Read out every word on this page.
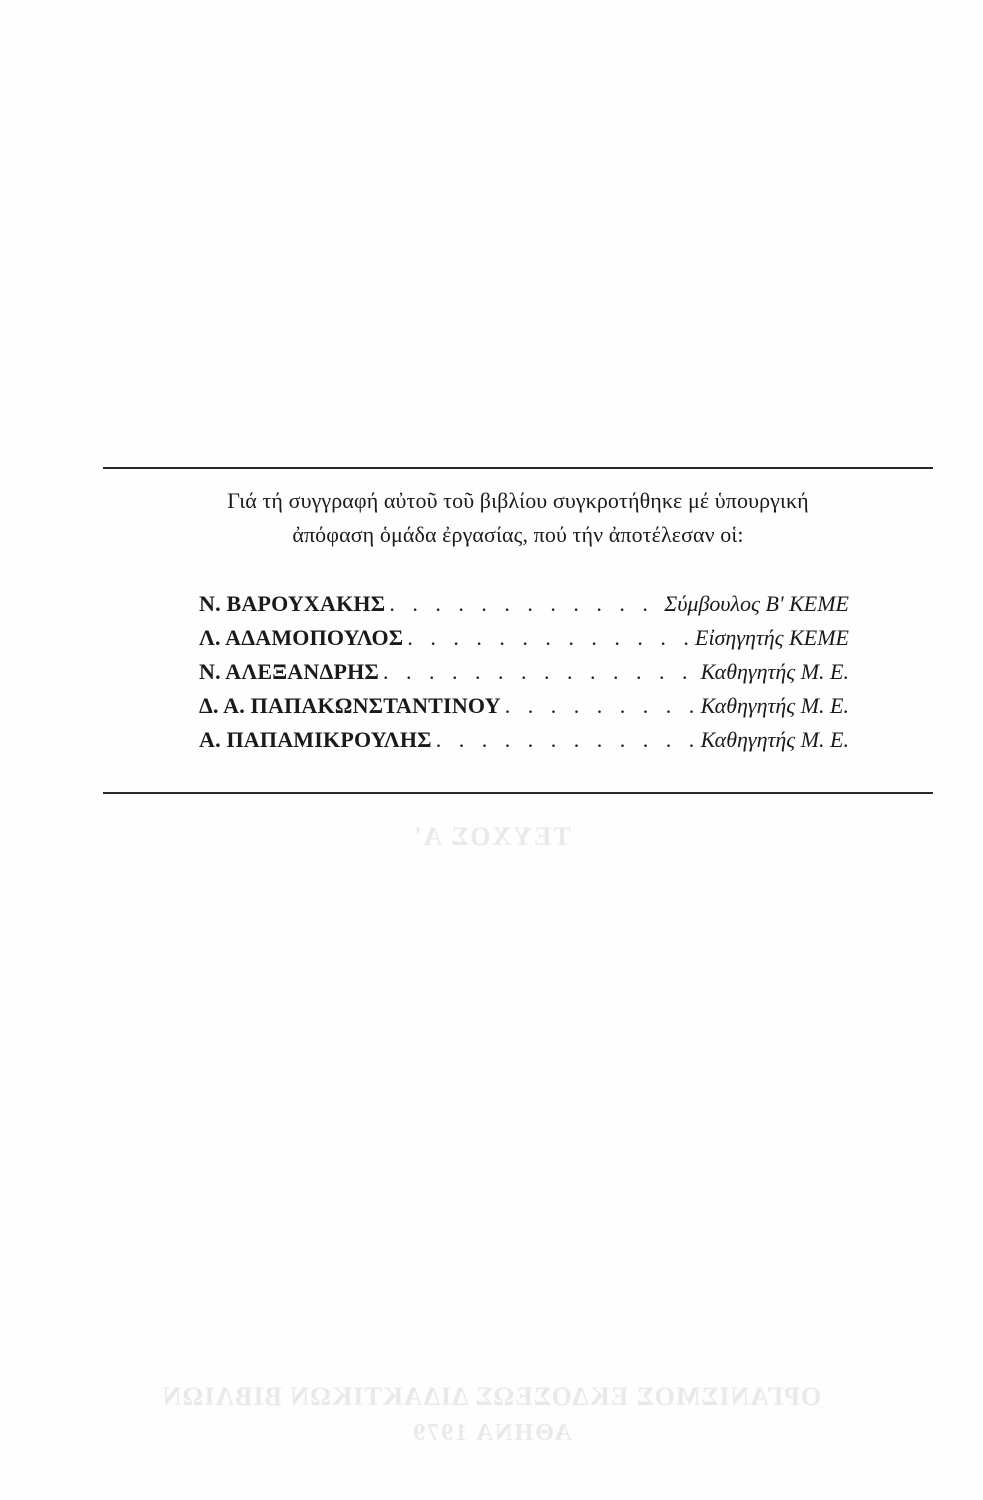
ΤΕΥΧΟΣ Α'
ΟΡΓΑΝΙΣΜΟΣ ΕΚΔΟΣΕΩΣ ΔΙΔΑΚΤΙΚΩΝ ΒΙΒΛΙΩΝ
ΑΘΗΝΑ 1979
Γιά τή συγγραφή αὐτοῦ τοῦ βιβλίου συγκροτήθηκε μέ ὑπουργική
ἀπόφαση ὁμάδα ἐργασίας, πού τήν ἀποτέλεσαν οἱ:
Ν. ΒΑΡΟΥΧΑΚΗΣ . . .	Σύμβουλος Β' ΚΕΜΕ
Λ. ΑΔΑΜΟΠΟΥΛΟΣ . . .	Εἰσηγητής ΚΕΜΕ
Ν. ΑΛΕΞΑΝΔΡΗΣ . . .	Καθηγητής Μ. Ε.
Δ. Α. ΠΑΠΑΚΩΝΣΤΑΝΤΙΝΟΥ . . .	Καθηγητής Μ. Ε.
Α. ΠΑΠΑΜΙΚΡΟΥΛΗΣ . . .	Καθηγητής Μ. Ε.
